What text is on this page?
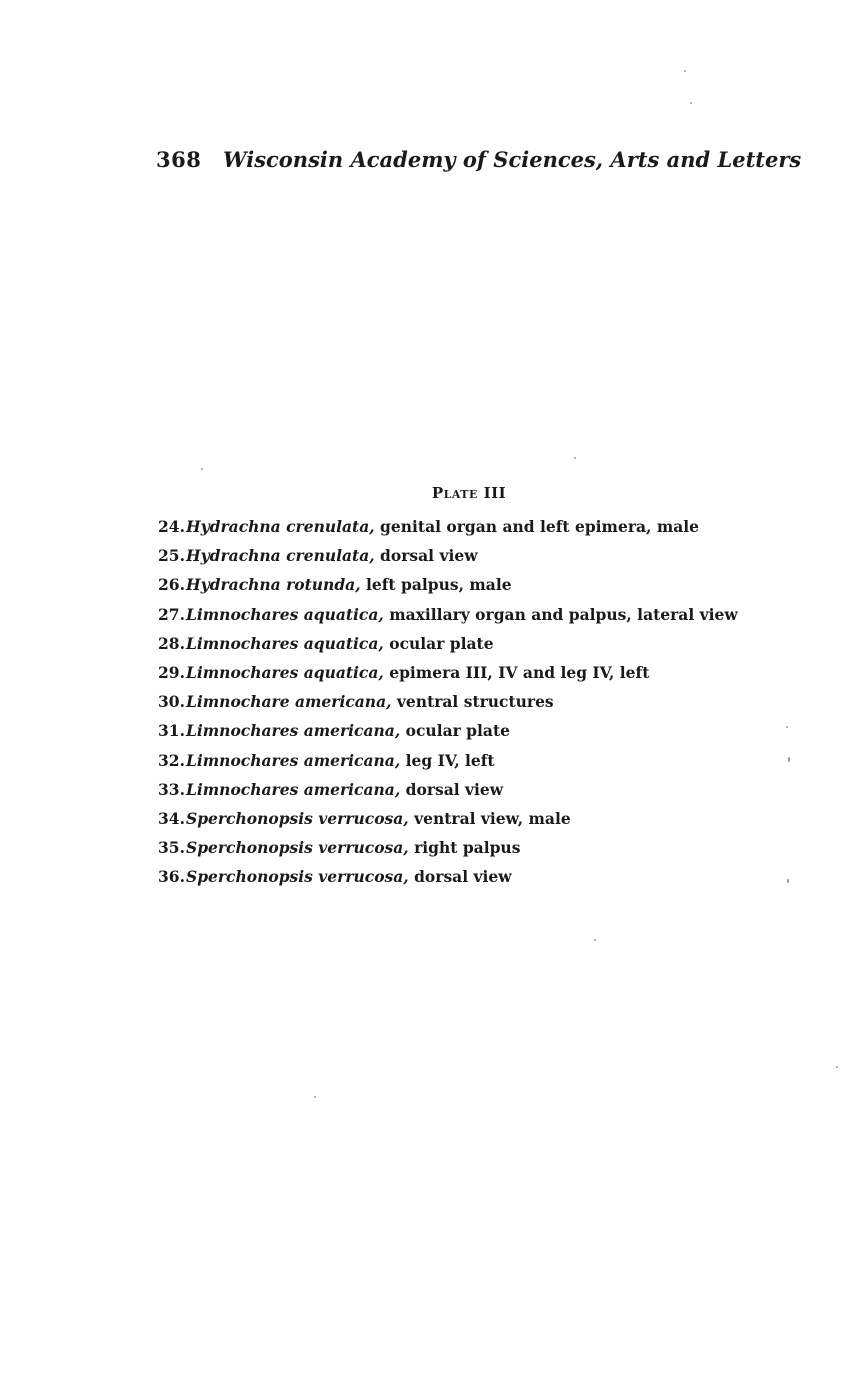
368 Wisconsin Academy of Sciences, Arts and Letters
Plate III
24.Hydrachna crenulata, genital organ and left epimera, male
25.Hydrachna crenulata, dorsal view
26.Hydrachna rotunda, left palpus, male
27.Limnochares aquatica, maxillary organ and palpus, lateral view
28.Limnochares aquatica, ocular plate
29.Limnochares aquatica, epimera III, IV and leg IV, left
30.Limnochare americana, ventral structures
31.Limnochares americana, ocular plate
32.Limnochares americana, leg IV, left
33.Limnochares americana, dorsal view
34.Sperchonopsis verrucosa, ventral view, male
35.Sperchonopsis verrucosa, right palpus
36.Sperchonopsis verrucosa, dorsal view
